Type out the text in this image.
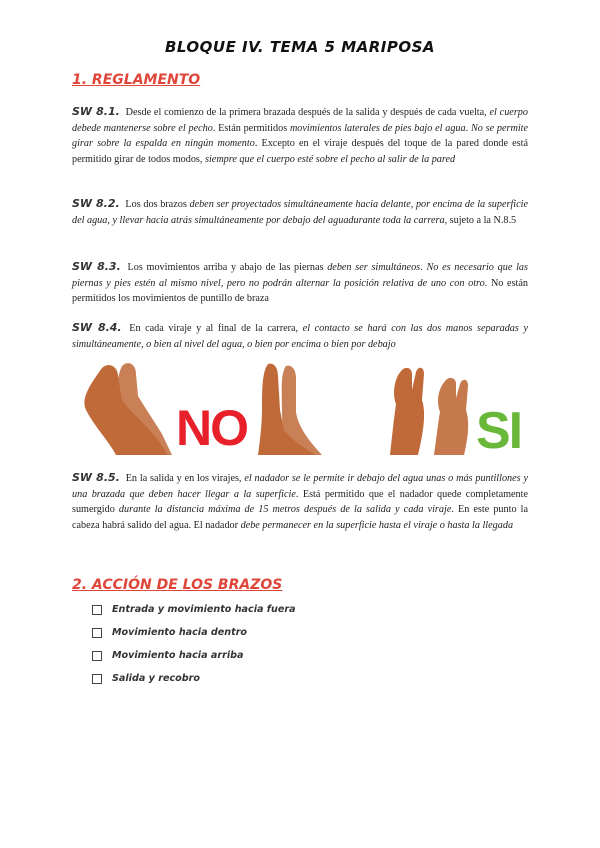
BLOQUE IV. TEMA 5 MARIPOSA
1. REGLAMENTO
SW 8.1. Desde el comienzo de la primera brazada después de la salida y después de cada vuelta, el cuerpo debede mantenerse sobre el pecho. Están permitidos movimientos laterales de pies bajo el agua. No se permite girar sobre la espalda en ningún momento. Excepto en el viraje después del toque de la pared donde está permitido girar de todos modos, siempre que el cuerpo esté sobre el pecho al salir de la pared
SW 8.2. Los dos brazos deben ser proyectados simultáneamente hacia delante, por encima de la superficie del agua, y llevar hacia atrás simultáneamente por debajo del aguadurante toda la carrera, sujeto a la N.8.5
SW 8.3. Los movimientos arriba y abajo de las piernas deben ser simultáneos. No es necesario que las piernas y pies estén al mismo nivel, pero no podrán alternar la posición relativa de uno con otro. No están permitidos los movimientos de puntillo de braza
SW 8.4. En cada viraje y al final de la carrera, el contacto se hará con las dos manos separadas y simultáneamente, o bien al nivel del agua, o bien por encima o bien por debajo
NO	SI
SW 8.5. En la salida y en los virajes, el nadador se le permite ir debajo del agua unas o más puntillones y una brazada que deben hacer llegar a la superficie. Está permitido que el nadador quede completamente sumergido durante la distancia máxima de 15 metros después de la salida y cada viraje. En este punto la cabeza habrá salido del agua. El nadador debe permanecer en la superficie hasta el viraje o hasta la llegada
2. ACCIÓN DE LOS BRAZOS
Entrada y movimiento hacia fuera
Movimiento hacia dentro
Movimiento hacia arriba
Salida y recobro
